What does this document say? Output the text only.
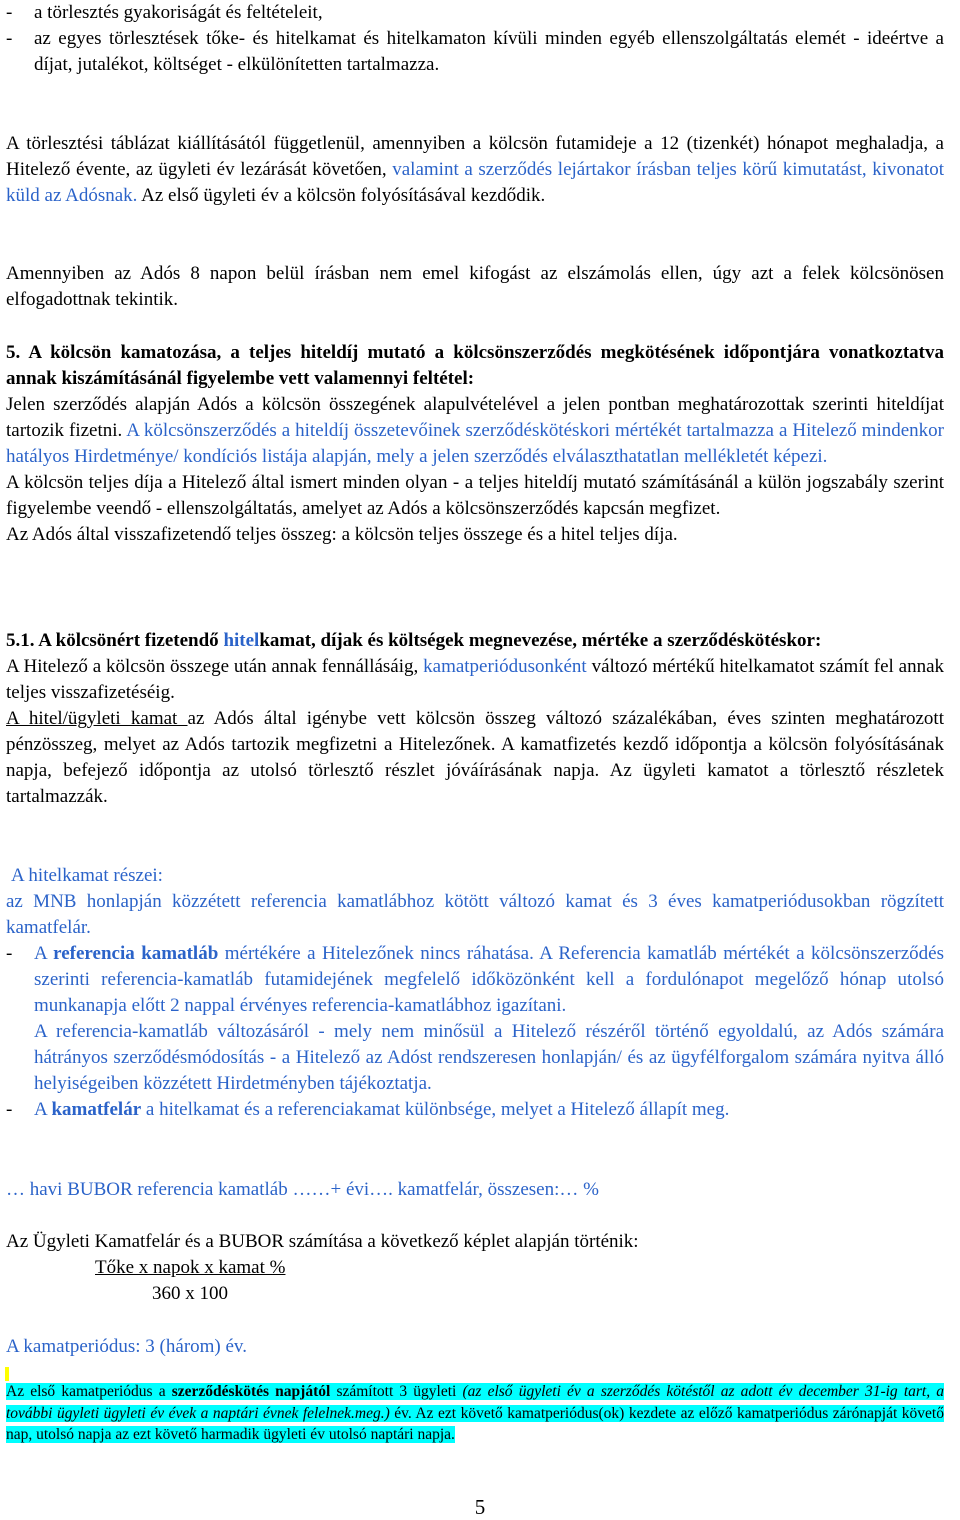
-	a törlesztés gyakoriságát és feltételeit,

-	az egyes törlesztések tőke- és hitelkamat és hitelkamaton kívüli minden egyéb ellenszolgáltatás elemét - ideértve a díjat, jutalékot, költséget - elkülönítetten tartalmazza.

A törlesztési táblázat kiállításától függetlenül, amennyiben a kölcsön futamideje a 12 (tizenkét) hónapot meghaladja, a Hitelező évente, az ügyleti év lezárását követően, valamint a szerződés lejártakor írásban teljes körű kimutatást, kivonatot küld az Adósnak. Az első ügyleti év a kölcsön folyósításával kezdődik.

Amennyiben az Adós 8 napon belül írásban nem emel kifogást az elszámolás ellen, úgy azt a felek kölcsönösen elfogadottnak tekintik.

5. A kölcsön kamatozása, a teljes hiteldíj mutató a kölcsönszerződés megkötésének időpontjára vonatkoztatva annak kiszámításánál figyelembe vett valamennyi feltétel:

Jelen szerződés alapján Adós a kölcsön összegének alapulvételével a jelen pontban meghatározottak szerinti hiteldíjat tartozik fizetni. A kölcsönszerződés a hiteldíj összetevőinek szerződéskötéskori mértékét tartalmazza a Hitelező mindenkor hatályos Hirdetménye/ kondíciós listája alapján, mely a jelen szerződés elválaszthatatlan mellékletét képezi.

A kölcsön teljes díja a Hitelező által ismert minden olyan - a teljes hiteldíj mutató számításánál a külön jogszabály szerint figyelembe veendő - ellenszolgáltatás, amelyet az Adós a kölcsönszerződés kapcsán megfizet.

Az Adós által visszafizetendő teljes összeg: a kölcsön teljes összege és a hitel teljes díja.

5.1. A kölcsönért fizetendő hitelkamat, díjak és költségek megnevezése, mértéke a szerződéskötéskor:

A Hitelező a kölcsön összege után annak fennállásáig, kamatperiódusonként változó mértékű hitelkamatot számít fel annak teljes visszafizetéséig.

A hitel/ügyleti kamat az Adós által igénybe vett kölcsön összeg változó százalékában, éves szinten meghatározott pénzösszeg, melyet az Adós tartozik megfizetni a Hitelezőnek. A kamatfizetés kezdő időpontja a kölcsön folyósításának napja, befejező időpontja az utolsó törlesztő részlet jóváírásának napja. Az ügyleti kamatot a törlesztő részletek tartalmazzák.

A hitelkamat részei:

az MNB honlapján közzétett referencia kamatlábhoz kötött változó kamat és 3 éves kamatperiódusokban rögzített kamatfelár.

-	A referencia kamatláb mértékére a Hitelezőnek nincs ráhatása. A Referencia kamatláb mértékét a kölcsönszerződés szerinti referencia-kamatláb futamidejének megfelelő időközönként kell a fordulónapot megelőző hónap utolsó munkanapja előtt 2 nappal érvényes referencia-kamatlábhoz igazítani.

A referencia-kamatláb változásáról - mely nem minősül a Hitelező részéről történő egyoldalú, az Adós számára hátrányos szerződésmódosítás - a Hitelező az Adóst rendszeresen honlapján/ és az ügyfélforgalom számára nyitva álló helyiségeiben közzétett Hirdetményben tájékoztatja.

-	A kamatfelár a hitelkamat és a referenciakamat különbsége, melyet a Hitelező állapít meg.

… havi BUBOR referencia kamatláb ……+ évi…. kamatfelár, összesen:… %

Az Ügyleti Kamatfelár és a BUBOR számítása a következő képlet alapján történik:

Tőke x napok x kamat %

360 x 100

A kamatperiódus: 3 (három) év.

Az első kamatperiódus a szerződéskötés napjától számított 3 ügyleti (az első ügyleti év a szerződés kötéstől az adott év december 31-ig tart, a további ügyleti ügyleti év évek a naptári évnek felelnek.meg.) év. Az ezt követő kamatperiódus(ok) kezdete az előző kamatperiódus zárónapját követő nap, utolsó napja az ezt követő harmadik ügyleti év utolsó naptári napja.

5
